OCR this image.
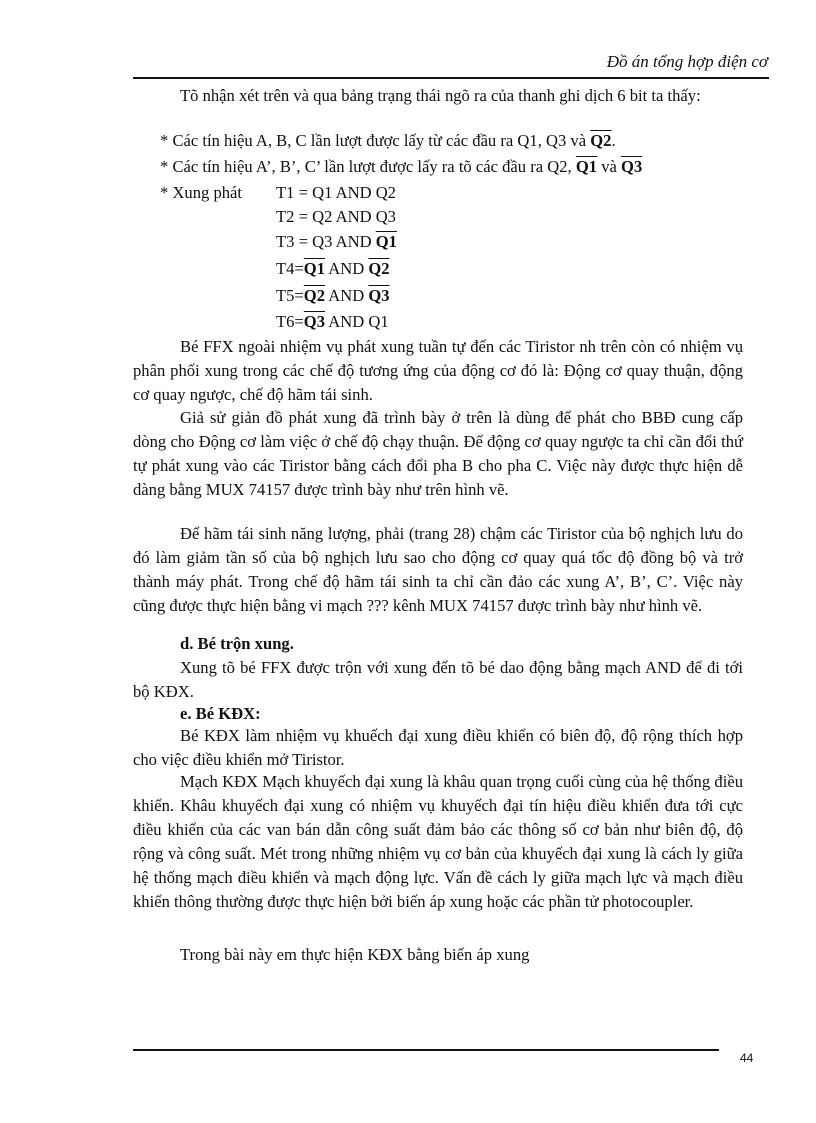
Đồ án tổng hợp điện cơ

Tõ nhận xét trên và qua bảng trạng thái ngõ ra của thanh ghi dịch 6 bit ta thấy:

* Các tín hiệu A, B, C lần lượt được lấy từ các đầu ra Q1, Q3 và Q2.
* Các tín hiệu A’, B’, C’ lần lượt được lấy ra tõ các đầu ra Q2, Q1 và Q3
* Xung phát T1 = Q1 AND Q2
T2 = Q2 AND Q3
T3 = Q3 AND Q1
T4=Q1 AND Q2
T5=Q2 AND Q3
T6=Q3 AND Q1

Bé FFX ngoài nhiệm vụ phát xung tuần tự đến các Tiristor nh trên còn có nhiệm vụ phân phối xung trong các chế độ tương ứng của động cơ đó là: Động cơ quay thuận, động cơ quay ngược, chế độ hãm tái sinh.

Giả sử giản đồ phát xung đã trình bày ở trên là dùng để phát cho BBĐ cung cấp dòng cho Động cơ làm việc ở chế độ chạy thuận. Để động cơ quay ngược ta chỉ cần đổi thứ tự phát xung vào các Tiristor bằng cách đổi pha B cho pha C. Việc này được thực hiện dễ dàng bằng MUX 74157 được trình bày như trên hình vẽ.

Để hãm tái sinh năng lượng, phải (trang 28) chậm các Tiristor của bộ nghịch lưu do đó làm giảm tần số của bộ nghịch lưu sao cho động cơ quay quá tốc độ đồng bộ và trở thành máy phát. Trong chế độ hãm tái sinh ta chỉ cần đảo các xung A’, B’, C’. Việc này cũng được thực hiện bằng vi mạch ??? kênh MUX 74157 được trình bày như hình vẽ.

d. Bé trộn xung.

Xung tõ bé FFX được trộn với xung đến tõ bé dao động bằng mạch AND để đi tới bộ KĐX.

e. Bé KĐX:

Bé KĐX làm nhiệm vụ khuếch đại xung điều khiển có biên độ, độ rộng thích hợp cho việc điều khiển mở Tiristor.

Mạch KĐX Mạch khuyếch đại xung là khâu quan trọng cuối cùng của hệ thống điều khiển. Khâu khuyếch đại xung có nhiệm vụ khuyếch đại tín hiệu điều khiển đưa tới cực điều khiển của các van bán dẫn công suất đảm bảo các thông số cơ bản như biên độ, độ rộng và công suất. Mét trong những nhiệm vụ cơ bản của khuyếch đại xung là cách ly giữa hệ thống mạch điều khiển và mạch động lực. Vấn đề cách ly giữa mạch lực và mạch điều khiển thông thường được thực hiện bởi biến áp xung hoặc các phần tử photocoupler.

Trong bài này em thực hiện KĐX bằng biến áp xung

44
